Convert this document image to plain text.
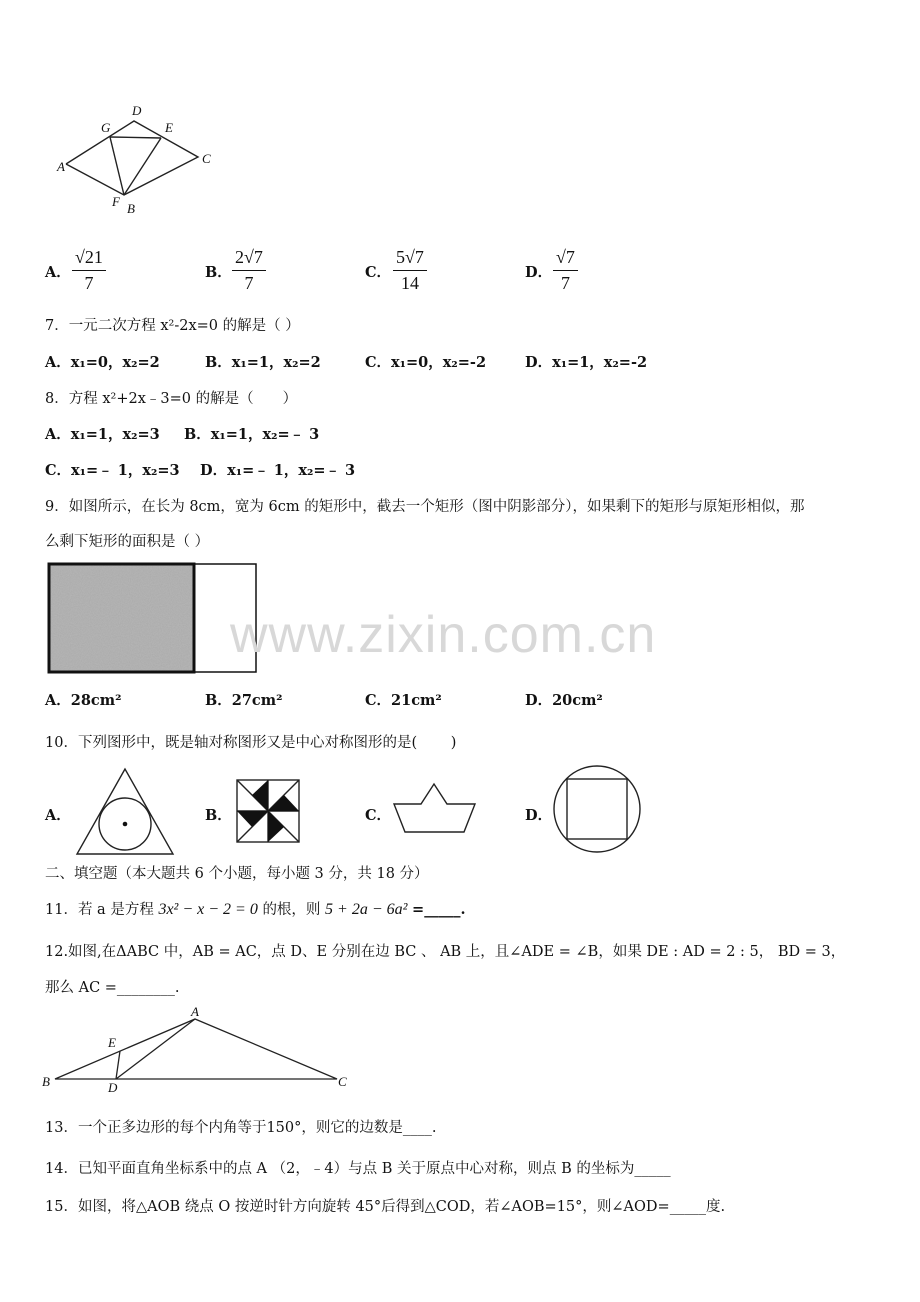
D
G	E
A
C
F B
A． $\frac{√21}{7}$	B． $\frac{2√7}{7}$	C． $\frac{5√7}{14}$	D． $\frac{√7}{7}$
7．一元二次方程 x²-2x=0 的解是（ ）
A．x₁=0，x₂=2	B．x₁=1，x₂=2	C．x₁=0，x₂=-2	D．x₁=1，x₂=-2
8．方程 x²+2x﹣3=0 的解是（　　）
A．x₁=1，x₂=3 B．x₁=1，x₂=﹣ 3
C．x₁=﹣ 1，x₂=3 D．x₁=﹣ 1，x₂=﹣ 3
9．如图所示，在长为 8cm，宽为 6cm 的矩形中，截去一个矩形（图中阴影部分），如果剩下的矩形与原矩形相似，那
么剩下矩形的面积是（ ）
www.zixin.com.cn
A．28cm²	B．27cm²	C．21cm²	D．20cm²
10．下列图形中，既是轴对称图形又是中心对称图形的是(　　 )
A．	B．	C．	D．
二、填空题（本大题共 6 个小题，每小题 3 分，共 18 分）
11．若 a 是方程 3x² − x − 2 = 0 的根，则 5 + 2a − 6a² =_____.
12.如图,在ΔABC 中，AB = AC，点 D、E 分别在边 BC 、 AB 上，且∠ADE = ∠B，如果 DE : AD = 2 : 5， BD = 3，
那么 AC =________.
A
E
B	D	C
13．一个正多边形的每个内角等于150°，则它的边数是____.
14．已知平面直角坐标系中的点 A （2，﹣4）与点 B 关于原点中心对称，则点 B 的坐标为_____
15．如图，将△AOB 绕点 O 按逆时针方向旋转 45°后得到△COD，若∠AOB=15°，则∠AOD=_____度.
